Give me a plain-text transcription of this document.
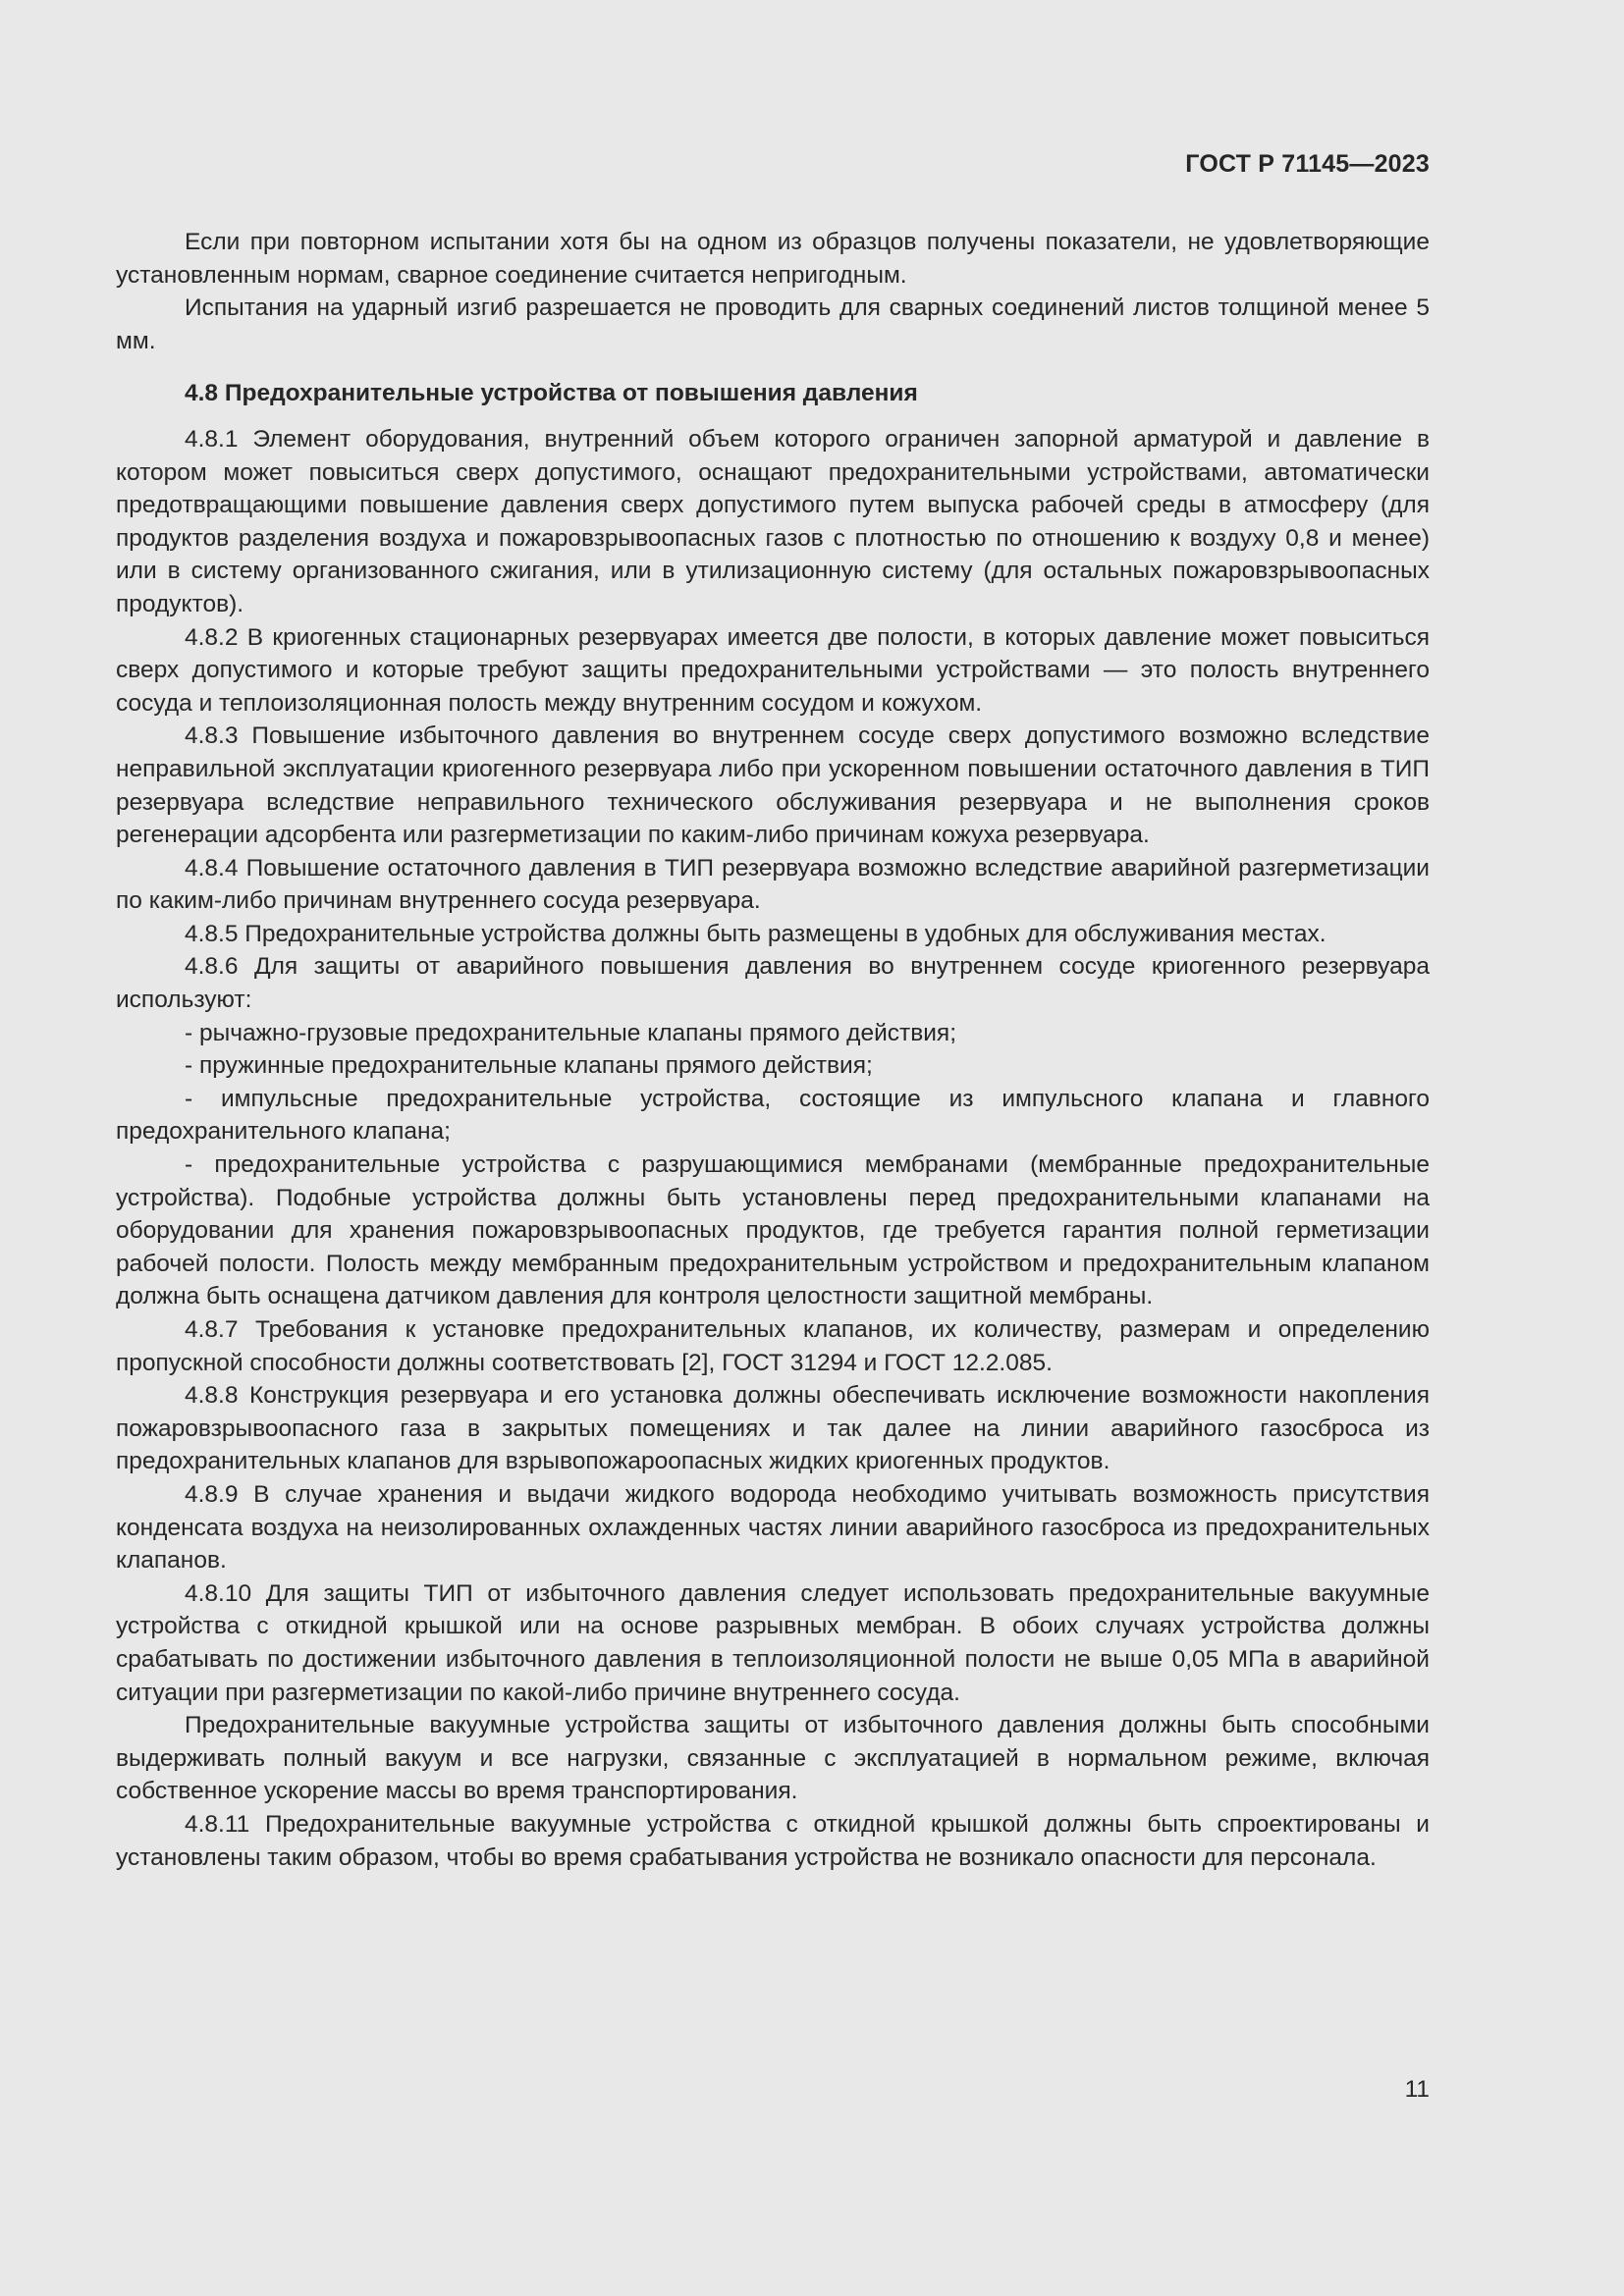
ГОСТ Р 71145—2023

Если при повторном испытании хотя бы на одном из образцов получены показатели, не удовлетворяющие установленным нормам, сварное соединение считается непригодным.

Испытания на ударный изгиб разрешается не проводить для сварных соединений листов толщиной менее 5 мм.

4.8 Предохранительные устройства от повышения давления

4.8.1 Элемент оборудования, внутренний объем которого ограничен запорной арматурой и давление в котором может повыситься сверх допустимого, оснащают предохранительными устройствами, автоматически предотвращающими повышение давления сверх допустимого путем выпуска рабочей среды в атмосферу (для продуктов разделения воздуха и пожаровзрывоопасных газов с плотностью по отношению к воздуху 0,8 и менее) или в систему организованного сжигания, или в утилизационную систему (для остальных пожаровзрывоопасных продуктов).

4.8.2 В криогенных стационарных резервуарах имеется две полости, в которых давление может повыситься сверх допустимого и которые требуют защиты предохранительными устройствами — это полость внутреннего сосуда и теплоизоляционная полость между внутренним сосудом и кожухом.

4.8.3 Повышение избыточного давления во внутреннем сосуде сверх допустимого возможно вследствие неправильной эксплуатации криогенного резервуара либо при ускоренном повышении остаточного давления в ТИП резервуара вследствие неправильного технического обслуживания резервуара и не выполнения сроков регенерации адсорбента или разгерметизации по каким-либо причинам кожуха резервуара.

4.8.4 Повышение остаточного давления в ТИП резервуара возможно вследствие аварийной разгерметизации по каким-либо причинам внутреннего сосуда резервуара.

4.8.5 Предохранительные устройства должны быть размещены в удобных для обслуживания местах.

4.8.6 Для защиты от аварийного повышения давления во внутреннем сосуде криогенного резервуара используют:

- рычажно-грузовые предохранительные клапаны прямого действия;

- пружинные предохранительные клапаны прямого действия;

- импульсные предохранительные устройства, состоящие из импульсного клапана и главного предохранительного клапана;

- предохранительные устройства с разрушающимися мембранами (мембранные предохранительные устройства). Подобные устройства должны быть установлены перед предохранительными клапанами на оборудовании для хранения пожаровзрывоопасных продуктов, где требуется гарантия полной герметизации рабочей полости. Полость между мембранным предохранительным устройством и предохранительным клапаном должна быть оснащена датчиком давления для контроля целостности защитной мембраны.

4.8.7 Требования к установке предохранительных клапанов, их количеству, размерам и определению пропускной способности должны соответствовать [2], ГОСТ 31294 и ГОСТ 12.2.085.

4.8.8 Конструкция резервуара и его установка должны обеспечивать исключение возможности накопления пожаровзрывоопасного газа в закрытых помещениях и так далее на линии аварийного газосброса из предохранительных клапанов для взрывопожароопасных жидких криогенных продуктов.

4.8.9 В случае хранения и выдачи жидкого водорода необходимо учитывать возможность присутствия конденсата воздуха на неизолированных охлажденных частях линии аварийного газосброса из предохранительных клапанов.

4.8.10 Для защиты ТИП от избыточного давления следует использовать предохранительные вакуумные устройства с откидной крышкой или на основе разрывных мембран. В обоих случаях устройства должны срабатывать по достижении избыточного давления в теплоизоляционной полости не выше 0,05 МПа в аварийной ситуации при разгерметизации по какой-либо причине внутреннего сосуда.

Предохранительные вакуумные устройства защиты от избыточного давления должны быть способными выдерживать полный вакуум и все нагрузки, связанные с эксплуатацией в нормальном режиме, включая собственное ускорение массы во время транспортирования.

4.8.11 Предохранительные вакуумные устройства с откидной крышкой должны быть спроектированы и установлены таким образом, чтобы во время срабатывания устройства не возникало опасности для персонала.

11
